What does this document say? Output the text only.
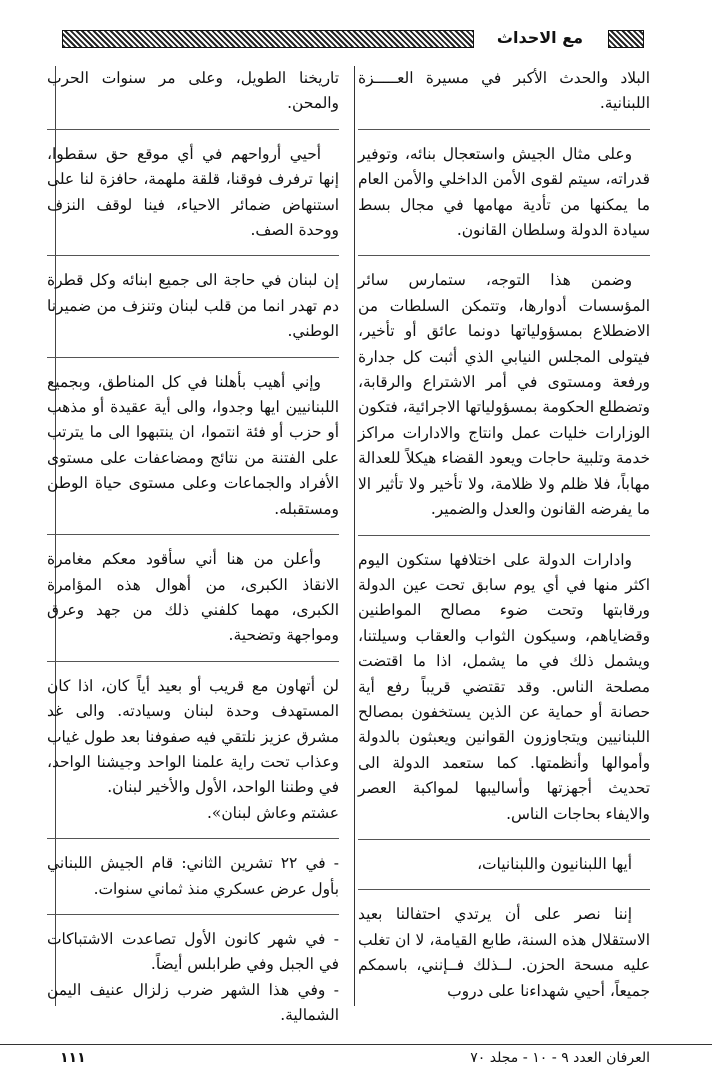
مع الاحداث

البلاد والحدث الأكبر في مسيرة العـــــزة اللبنانية.

وعلى مثال الجيش واستعجال بنائه، وتوفير قدراته، سيتم لقوى الأمن الداخلي والأمن العام ما يمكنها من تأدية مهامها في مجال بسط سيادة الدولة وسلطان القانون.

وضمن هذا التوجه، ستمارس سائر المؤسسات أدوارها، وتتمكن السلطات من الاضطلاع بمسؤولياتها دونما عائق أو تأخير، فيتولى المجلس النيابي الذي أثبت كل جدارة ورفعة ومستوى في أمر الاشتراع والرقابة، وتضطلع الحكومة بمسؤولياتها الاجرائية، فتكون الوزارات خليات عمل وانتاج والادارات مراكز خدمة وتلبية حاجات ويعود القضاء هيكلاً للعدالة مهاباً، فلا ظلم ولا ظلامة، ولا تأخير ولا تأثير الا ما يفرضه القانون والعدل والضمير.

وادارات الدولة على اختلافها ستكون اليوم اكثر منها في أي يوم سابق تحت عين الدولة ورقابتها وتحت ضوء مصالح المواطنين وقضاياهم، وسيكون الثواب والعقاب وسيلتنا، ويشمل ذلك في ما يشمل، اذا ما اقتضت مصلحة الناس. وقد تقتضي قريباً رفع أية حصانة أو حماية عن الذين يستخفون بمصالح اللبنانيين ويتجاوزون القوانين ويعبثون بالدولة وأموالها وأنظمتها. كما ستعمد الدولة الى تحديث أجهزتها وأساليبها لمواكبة العصر والايفاء بحاجات الناس.

أيها اللبنانيون واللبنانيات،

إننا نصر على أن يرتدي احتفالنا بعيد الاستقلال هذه السنة، طابع القيامة، لا ان تغلب عليه مسحة الحزن. لــذلك فــإنني، باسمكم جميعاً، أحيي شهداءنا على دروب

تاريخنا الطويل، وعلى مر سنوات الحرب والمحن.

أحيي أرواحهم في أي موقع حق سقطوا، إنها ترفرف فوقنا، قلقة ملهمة، حافزة لنا على استنهاض ضمائر الاحياء، فينا لوقف النزف ووحدة الصف.

إن لبنان في حاجة الى جميع ابنائه وكل قطرة دم تهدر انما من قلب لبنان وتنزف من ضميرنا الوطني.

وإني أهيب بأهلنا في كل المناطق، وبجميع اللبنانيين ايها وجدوا، والى أية عقيدة أو مذهب أو حزب أو فئة انتموا، ان ينتبهوا الى ما يترتب على الفتنة من نتائج ومضاعفات على مستوى الأفراد والجماعات وعلى مستوى حياة الوطن ومستقبله.

وأعلن من هنا أني سأقود معكم مغامرة الانقاذ الكبرى، من أهوال هذه المؤامرة الكبرى، مهما كلفني ذلك من جهد وعرق ومواجهة وتضحية.

لن أتهاون مع قريب أو بعيد أياً كان، اذا كان المستهدف وحدة لبنان وسيادته. والى غد مشرق عزيز نلتقي فيه صفوفنا بعد طول غياب وعذاب تحت راية علمنا الواحد وجيشنا الواحد، في وطننا الواحد، الأول والأخير لبنان.

عشتم وعاش لبنان».

- في ٢٢ تشرين الثاني: قام الجيش اللبناني بأول عرض عسكري منذ ثماني سنوات.

- في شهر كانون الأول تصاعدت الاشتباكات في الجبل وفي طرابلس أيضاً.

- وفي هذا الشهر ضرب زلزال عنيف اليمن الشمالية.

العرفان العدد ٩ - ١٠ - مجلد ٧٠
١١١
